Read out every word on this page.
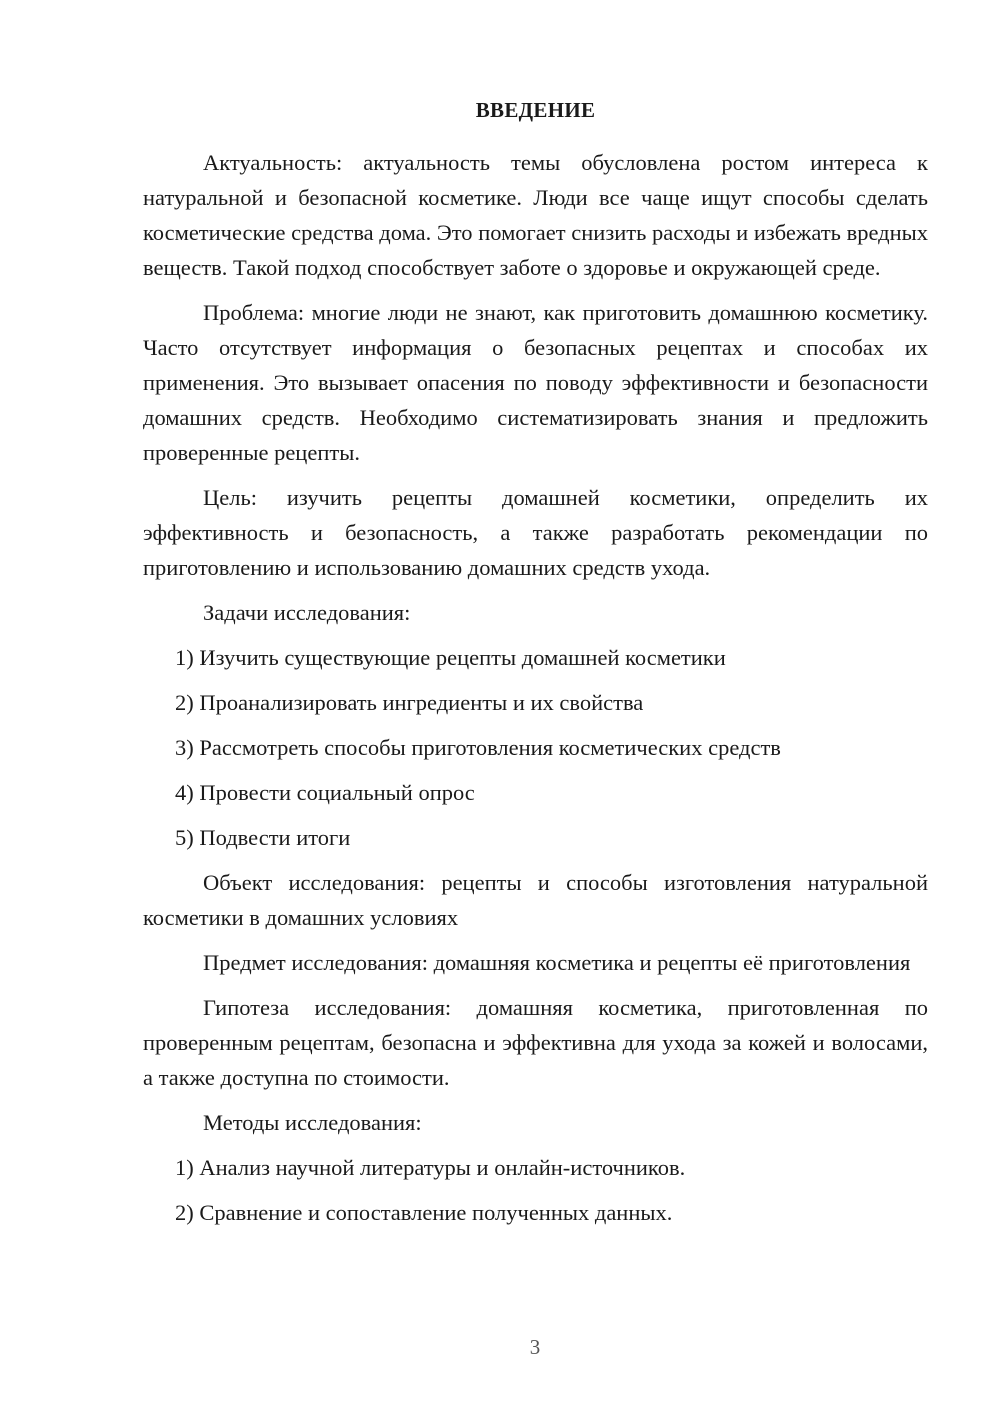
ВВЕДЕНИЕ

Актуальность: актуальность темы обусловлена ростом интереса к натуральной и безопасной косметике. Люди все чаще ищут способы сделать косметические средства дома. Это помогает снизить расходы и избежать вредных веществ. Такой подход способствует заботе о здоровье и окружающей среде.

Проблема: многие люди не знают, как приготовить домашнюю косметику. Часто отсутствует информация о безопасных рецептах и способах их применения. Это вызывает опасения по поводу эффективности и безопасности домашних средств. Необходимо систематизировать знания и предложить проверенные рецепты.

Цель: изучить рецепты домашней косметики, определить их эффективность и безопасность, а также разработать рекомендации по приготовлению и использованию домашних средств ухода.

Задачи исследования:

1) Изучить существующие рецепты домашней косметики
2) Проанализировать ингредиенты и их свойства
3) Рассмотреть способы приготовления косметических средств
4) Провести социальный опрос
5) Подвести итоги

Объект исследования: рецепты и способы изготовления натуральной косметики в домашних условиях

Предмет исследования: домашняя косметика и рецепты её приготовления

Гипотеза исследования: домашняя косметика, приготовленная по проверенным рецептам, безопасна и эффективна для ухода за кожей и волосами, а также доступна по стоимости.

Методы исследования:

1) Анализ научной литературы и онлайн-источников.
2) Сравнение и сопоставление полученных данных.
3
